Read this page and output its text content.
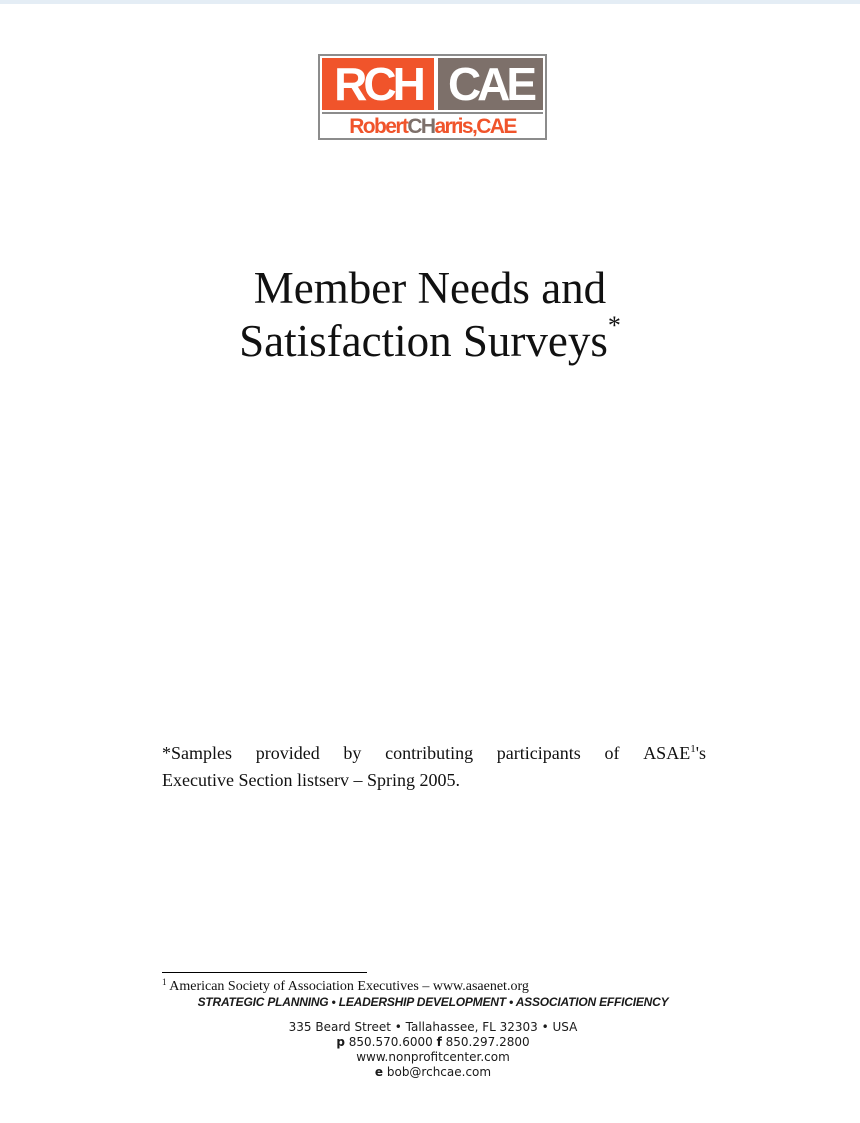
RCH CAE
Robert CH arris,CAE
Member Needs and
Satisfaction Surveys*
*Samples provided by contributing participants of ASAE$^1$'s
Executive Section listserv – Spring 2005.
$^1$ American Society of Association Executives – www.asaenet.org
STRATEGIC PLANNING • LEADERSHIP DEVELOPMENT • ASSOCIATION EFFICIENCY
335 Beard Street • Tallahassee, FL 32303 • USA
p 850.570.6000 f 850.297.2800
www.nonprofitcenter.com
e bob@rchcae.com
